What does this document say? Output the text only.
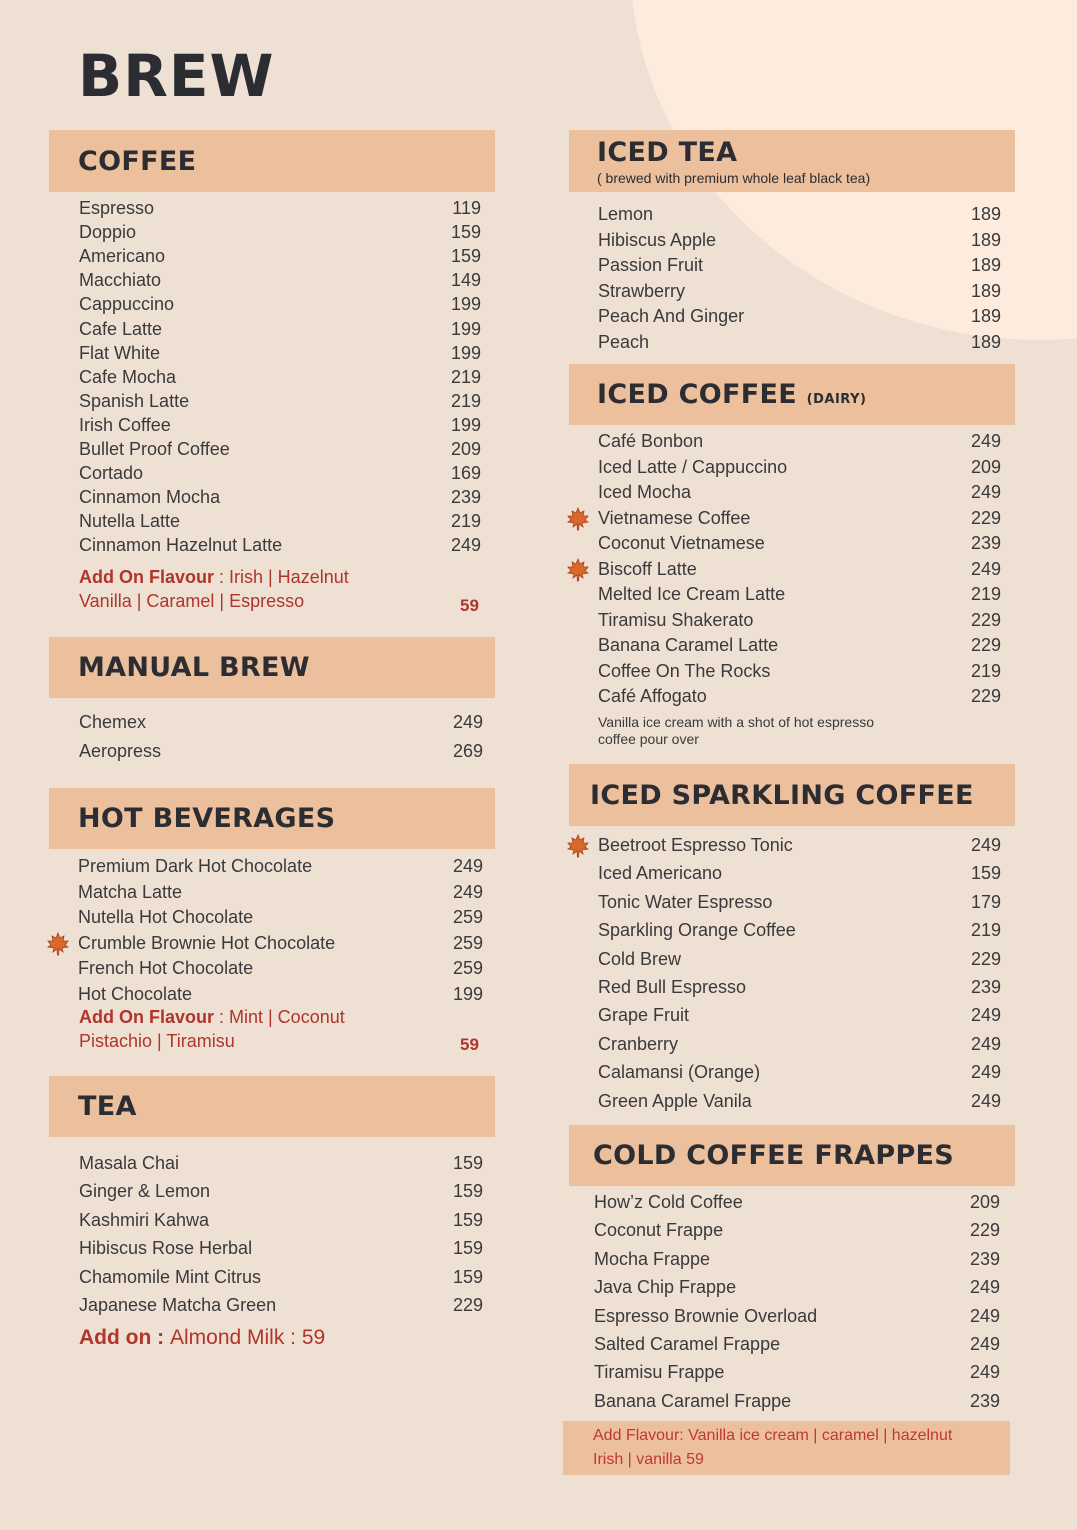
BREW
COFFEE
Espresso	119
Doppio	159
Americano	159
Macchiato	149
Cappuccino	199
Cafe Latte	199
Flat White	199
Cafe Mocha	219
Spanish Latte	219
Irish Coffee	199
Bullet Proof Coffee	209
Cortado	169
Cinnamon Mocha	239
Nutella Latte	219
Cinnamon Hazelnut Latte	249
Add On Flavour : Irish | Hazelnut
Vanilla | Caramel | Espresso	59
MANUAL BREW
Chemex	249
Aeropress	269
HOT BEVERAGES
Premium Dark Hot Chocolate	249
Matcha Latte	249
Nutella Hot Chocolate	259
Crumble Brownie Hot Chocolate	259
French Hot Chocolate	259
Hot Chocolate	199
Add On Flavour : Mint | Coconut
Pistachio | Tiramisu	59
TEA
Masala Chai	159
Ginger & Lemon	159
Kashmiri Kahwa	159
Hibiscus Rose Herbal	159
Chamomile Mint Citrus	159
Japanese Matcha Green	229
Add on : Almond Milk : 59
ICED TEA
( brewed with premium whole leaf black tea)
Lemon	189
Hibiscus Apple	189
Passion Fruit	189
Strawberry	189
Peach And Ginger	189
Peach	189
ICED COFFEE (DAIRY)
Café Bonbon	249
Iced Latte / Cappuccino	209
Iced Mocha	249
Vietnamese Coffee	229
Coconut Vietnamese	239
Biscoff Latte	249
Melted Ice Cream Latte	219
Tiramisu Shakerato	229
Banana Caramel Latte	229
Coffee On The Rocks	219
Café Affogato	229
Vanilla ice cream with a shot of hot espresso
coffee pour over
ICED SPARKLING COFFEE
Beetroot Espresso Tonic	249
Iced Americano	159
Tonic Water Espresso	179
Sparkling Orange Coffee	219
Cold Brew	229
Red Bull Espresso	239
Grape Fruit	249
Cranberry	249
Calamansi (Orange)	249
Green Apple Vanila	249
COLD COFFEE FRAPPES
How’z Cold Coffee	209
Coconut Frappe	229
Mocha Frappe	239
Java Chip Frappe	249
Espresso Brownie Overload	249
Salted Caramel Frappe	249
Tiramisu Frappe	249
Banana Caramel Frappe	239
Add Flavour: Vanilla ice cream | caramel | hazelnut
Irish | vanilla 59
